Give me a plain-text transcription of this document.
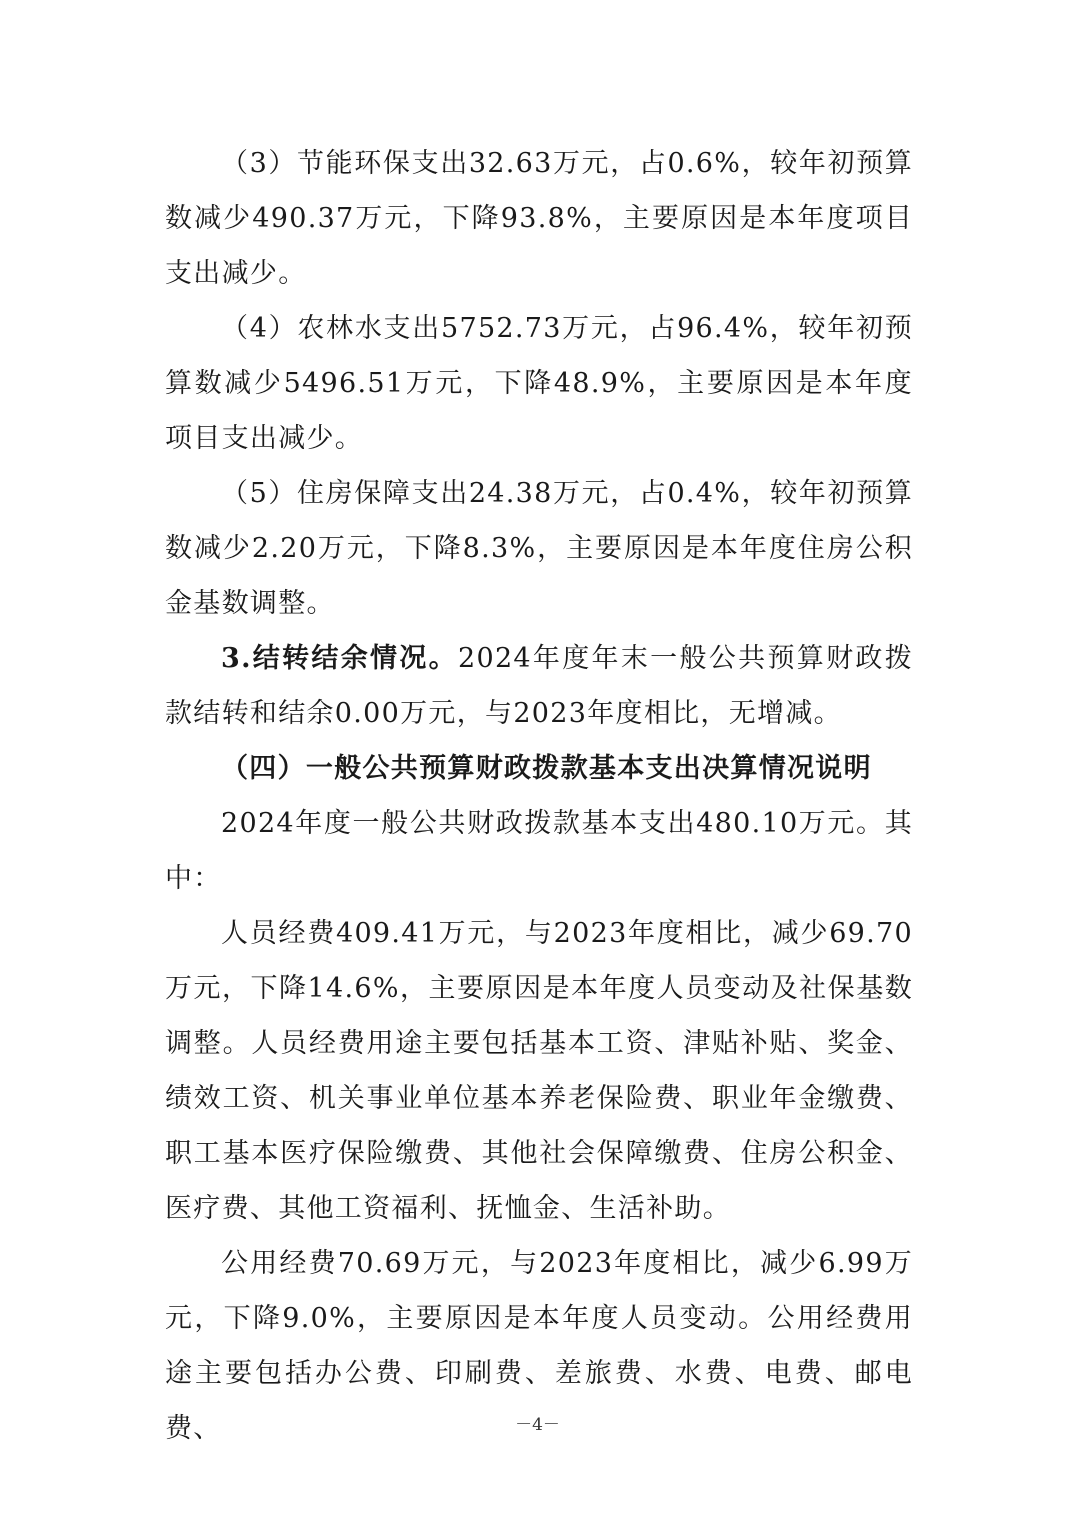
（3）节能环保支出32.63万元，占0.6%，较年初预算数减少490.37万元，下降93.8%，主要原因是本年度项目支出减少。

（4）农林水支出5752.73万元，占96.4%，较年初预算数减少5496.51万元，下降48.9%，主要原因是本年度项目支出减少。

（5）住房保障支出24.38万元，占0.4%，较年初预算数减少2.20万元，下降8.3%，主要原因是本年度住房公积金基数调整。

3.结转结余情况。2024年度年末一般公共预算财政拨款结转和结余0.00万元，与2023年度相比，无增减。

（四）一般公共预算财政拨款基本支出决算情况说明

2024年度一般公共财政拨款基本支出480.10万元。其中：

人员经费409.41万元，与2023年度相比，减少69.70万元，下降14.6%，主要原因是本年度人员变动及社保基数调整。人员经费用途主要包括基本工资、津贴补贴、奖金、绩效工资、机关事业单位基本养老保险费、职业年金缴费、职工基本医疗保险缴费、其他社会保障缴费、住房公积金、医疗费、其他工资福利、抚恤金、生活补助。

公用经费70.69万元，与2023年度相比，减少6.99万元，下降9.0%，主要原因是本年度人员变动。公用经费用途主要包括办公费、印刷费、差旅费、水费、电费、邮电费、	－4－
